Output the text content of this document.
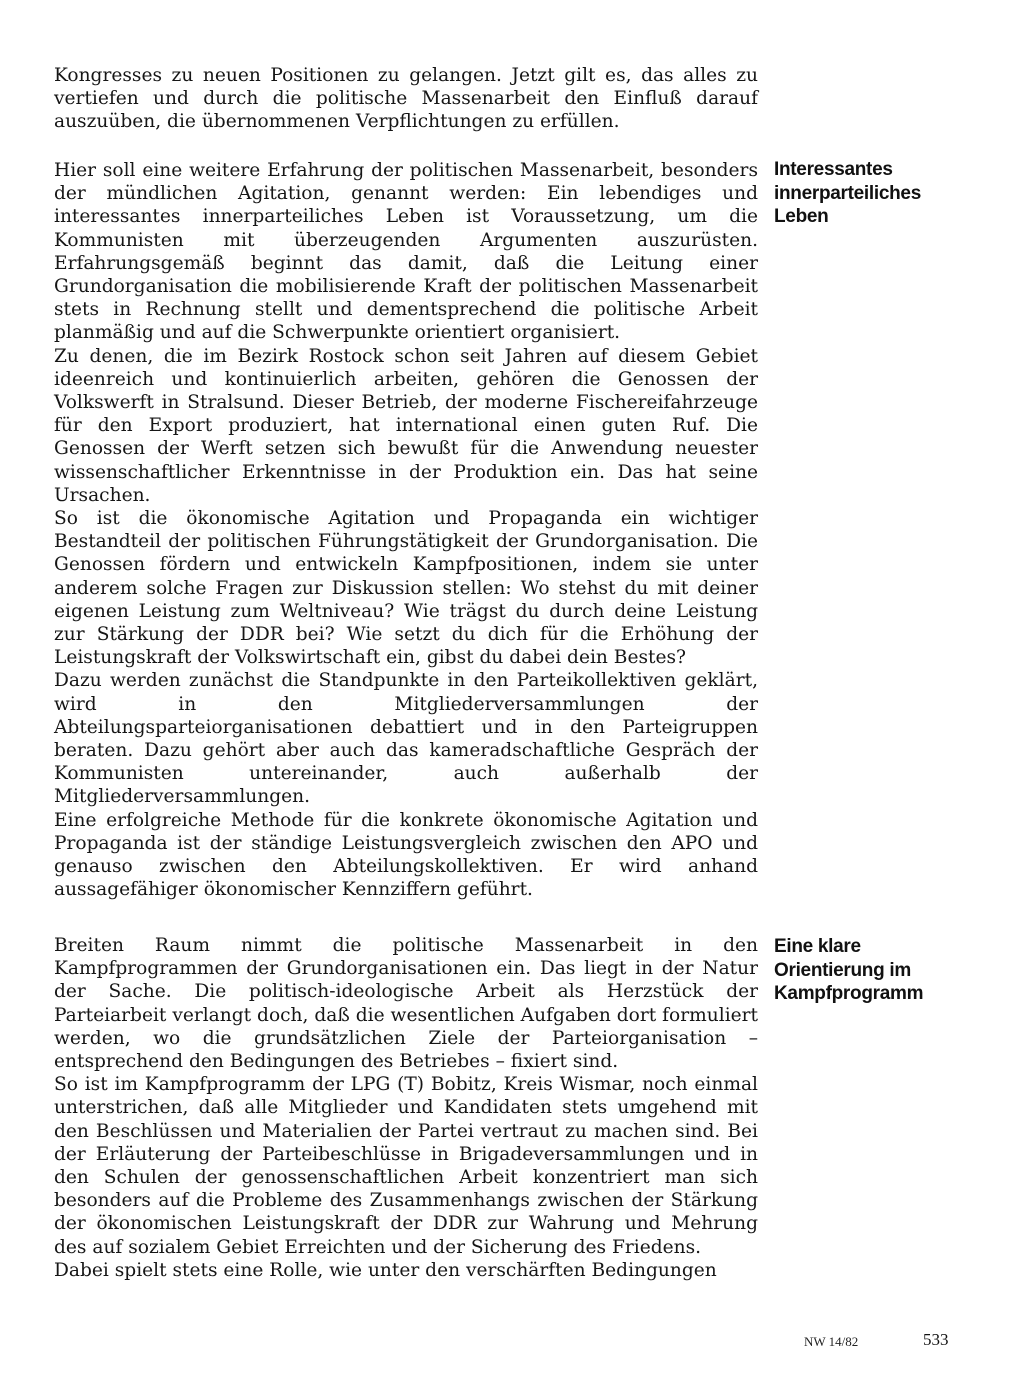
Kongresses zu neuen Positionen zu gelangen. Jetzt gilt es, das alles zu vertiefen und durch die politische Massenarbeit den Einfluß darauf auszuüben, die übernommenen Verpflichtungen zu erfüllen.

Hier soll eine weitere Erfahrung der politischen Massenarbeit, besonders der mündlichen Agitation, genannt werden: Ein lebendiges und interessantes innerparteiliches Leben ist Voraussetzung, um die Kommunisten mit überzeugenden Argumenten auszurüsten. Erfahrungsgemäß beginnt das damit, daß die Leitung einer Grundorganisation die mobilisierende Kraft der politischen Massenarbeit stets in Rechnung stellt und dementsprechend die politische Arbeit planmäßig und auf die Schwerpunkte orientiert organisiert.

Zu denen, die im Bezirk Rostock schon seit Jahren auf diesem Gebiet ideenreich und kontinuierlich arbeiten, gehören die Genossen der Volkswerft in Stralsund. Dieser Betrieb, der moderne Fischereifahrzeuge für den Export produziert, hat international einen guten Ruf. Die Genossen der Werft setzen sich bewußt für die Anwendung neuester wissenschaftlicher Erkenntnisse in der Produktion ein. Das hat seine Ursachen.

So ist die ökonomische Agitation und Propaganda ein wichtiger Bestandteil der politischen Führungstätigkeit der Grundorganisation. Die Genossen fördern und entwickeln Kampfpositionen, indem sie unter anderem solche Fragen zur Diskussion stellen: Wo stehst du mit deiner eigenen Leistung zum Weltniveau? Wie trägst du durch deine Leistung zur Stärkung der DDR bei? Wie setzt du dich für die Erhöhung der Leistungskraft der Volkswirtschaft ein, gibst du dabei dein Bestes?

Dazu werden zunächst die Standpunkte in den Parteikollektiven geklärt, wird in den Mitgliederversammlungen der Abteilungsparteiorganisationen debattiert und in den Parteigruppen beraten. Dazu gehört aber auch das kameradschaftliche Gespräch der Kommunisten untereinander, auch außerhalb der Mitgliederversammlungen.

Eine erfolgreiche Methode für die konkrete ökonomische Agitation und Propaganda ist der ständige Leistungsvergleich zwischen den APO und genauso zwischen den Abteilungskollektiven. Er wird anhand aussagefähiger ökonomischer Kennziffern geführt.

Breiten Raum nimmt die politische Massenarbeit in den Kampfprogrammen der Grundorganisationen ein. Das liegt in der Natur der Sache. Die politisch-ideologische Arbeit als Herzstück der Parteiarbeit verlangt doch, daß die wesentlichen Aufgaben dort formuliert werden, wo die grundsätzlichen Ziele der Parteiorganisation – entsprechend den Bedingungen des Betriebes – fixiert sind.

So ist im Kampfprogramm der LPG (T) Bobitz, Kreis Wismar, noch einmal unterstrichen, daß alle Mitglieder und Kandidaten stets umgehend mit den Beschlüssen und Materialien der Partei vertraut zu machen sind. Bei der Erläuterung der Parteibeschlüsse in Brigadeversammlungen und in den Schulen der genossenschaftlichen Arbeit konzentriert man sich besonders auf die Probleme des Zusammenhangs zwischen der Stärkung der ökonomischen Leistungskraft der DDR zur Wahrung und Mehrung des auf sozialem Gebiet Erreichten und der Sicherung des Friedens.

Dabei spielt stets eine Rolle, wie unter den verschärften Bedingungen

Interessantes
innerparteiliches
Leben
Eine klare
Orientierung im
Kampfprogramm
NW 14/82	533
